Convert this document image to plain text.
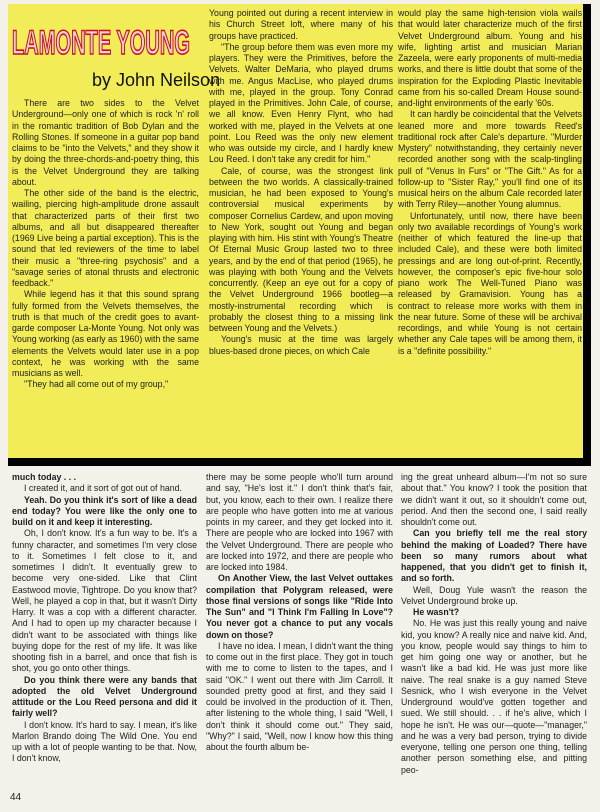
LAMONTE YOUNG
by John Neilson

There are two sides to the Velvet Underground—only one of which is rock 'n' roll in the romantic tradition of Bob Dylan and the Rolling Stones. If someone in a guitar pop band claims to be "into the Velvets," and they show it by doing the three-chords-and-poetry thing, this is the Velvet Underground they are talking about.

The other side of the band is the electric, wailing, piercing high-amplitude drone assault that characterized parts of their first two albums, and all but disappeared thereafter (1969 Live being a partial exception). This is the sound that led reviewers of the time to label their music a "three-ring psychosis" and a "savage series of atonal thrusts and electronic feedback."

While legend has it that this sound sprang fully formed from the Velvets themselves, the truth is that much of the credit goes to avant-garde composer La-Monte Young. Not only was Young working (as early as 1960) with the same elements the Velvets would later use in a pop context, he was working with the same musicians as well.

"They had all come out of my group,"

Young pointed out during a recent interview in his Church Street loft, where many of his groups have practiced.

"The group before them was even more my players. They were the Primitives, before the Velvets. Walter DeMaria, who played drums with me. Angus MacLise, who played drums with me, played in the group. Tony Conrad played in the Primitives. John Cale, of course, we all know. Even Henry Flynt, who had worked with me, played in the Velvets at one point. Lou Reed was the only new element who was outside my circle, and I hardly knew Lou Reed. I don't take any credit for him."

Cale, of course, was the strongest link between the two worlds. A classically-trained musician, he had been exposed to Young's controversial musical experiments by composer Cornelius Cardew, and upon moving to New York, sought out Young and began playing with him. His stint with Young's Theatre Of Eternal Music Group lasted two to three years, and by the end of that period (1965), he was playing with both Young and the Velvets concurrently. (Keep an eye out for a copy of the Velvet Underground 1966 bootleg—a mostly-instrumental recording which is probably the closest thing to a missing link between Young and the Velvets.)

Young's music at the time was largely blues-based drone pieces, on which Cale

would play the same high-tension viola wails that would later characterize much of the first Velvet Underground album. Young and his wife, lighting artist and musician Marian Zazeela, were early proponents of multi-media works, and there is little doubt that some of the inspiration for the Exploding Plastic Inevitable came from his so-called Dream House sound-and-light environments of the early '60s.

It can hardly be coincidental that the Velvets leaned more and more towards Reed's traditional rock after Cale's departure. "Murder Mystery" notwithstanding, they certainly never recorded another song with the scalp-tingling pull of "Venus In Furs" or "The Gift." As for a follow-up to "Sister Ray," you'll find one of its musical heirs on the album Cale recorded later with Terry Riley—another Young alumnus.

Unfortunately, until now, there have been only two available recordings of Young's work (neither of which featured the line-up that included Cale), and these were both limited pressings and are long out-of-print. Recently, however, the composer's epic five-hour solo piano work The Well-Tuned Piano was released by Gramavision. Young has a contract to release more works with them in the near future. Some of these will be archival recordings, and while Young is not certain whether any Cale tapes will be among them, it is a "definite possibility."

much today . . .

I created it, and it sort of got out of hand.

Yeah. Do you think it's sort of like a dead end today? You were like the only one to build on it and keep it interesting.

Oh, I don't know. It's a fun way to be. It's a funny character, and sometimes I'm very close to it. Sometimes I felt close to it, and sometimes I didn't. It eventually grew to become very one-sided. Like that Clint Eastwood movie, Tightrope. Do you know that? Well, he played a cop in that, but it wasn't Dirty Harry. It was a cop with a different character. And I had to open up my character because I didn't want to be associated with things like buying dope for the rest of my life. It was like shooting fish in a barrel, and once that fish is shot, you go onto other things.

Do you think there were any bands that adopted the old Velvet Underground attitude or the Lou Reed persona and did it fairly well?

I don't know. It's hard to say. I mean, it's like Marlon Brando doing The Wild One. You end up with a lot of people wanting to be that. Now, I don't know,

there may be some people who'll turn around and say, "He's lost it." I don't think that's fair, but, you know, each to their own. I realize there are people who have gotten into me at various points in my career, and they get locked into it. There are people who are locked into 1967 with the Velvet Underground. There are people who are locked into 1972, and there are people who are locked into 1984.

On Another View, the last Velvet outtakes compilation that Polygram released, were those final versions of songs like "Ride Into The Sun" and "I Think I'm Falling In Love"? You never got a chance to put any vocals down on those?

I have no idea. I mean, I didn't want the thing to come out in the first place. They got in touch with me to come to listen to the tapes, and I said "OK." I went out there with Jim Carroll. It sounded pretty good at first, and they said I could be involved in the production of it. Then, after listening to the whole thing, I said "Well, I don't think it should come out." They said, "Why?" I said, "Well, now I know how this thing about the fourth album be-

ing the great unheard album—I'm not so sure about that." You know? I took the position that we didn't want it out, so it shouldn't come out, period. And then the second one, I said really shouldn't come out.

Can you briefly tell me the real story behind the making of Loaded? There have been so many rumors about what happened, that you didn't get to finish it, and so forth.

Well, Doug Yule wasn't the reason the Velvet Underground broke up.

He wasn't?

No. He was just this really young and naive kid, you know? A really nice and naive kid. And, you know, people would say things to him to get him going one way or another, but he wasn't like a bad kid. He was just more like naive. The real snake is a guy named Steve Sesnick, who I wish everyone in the Velvet Underground would've gotten together and sued. We still should. . . if he's alive, which I hope he isn't. He was our—quote—"manager," and he was a very bad person, trying to divide everyone, telling one person one thing, telling another person something else, and pitting peo-

44
